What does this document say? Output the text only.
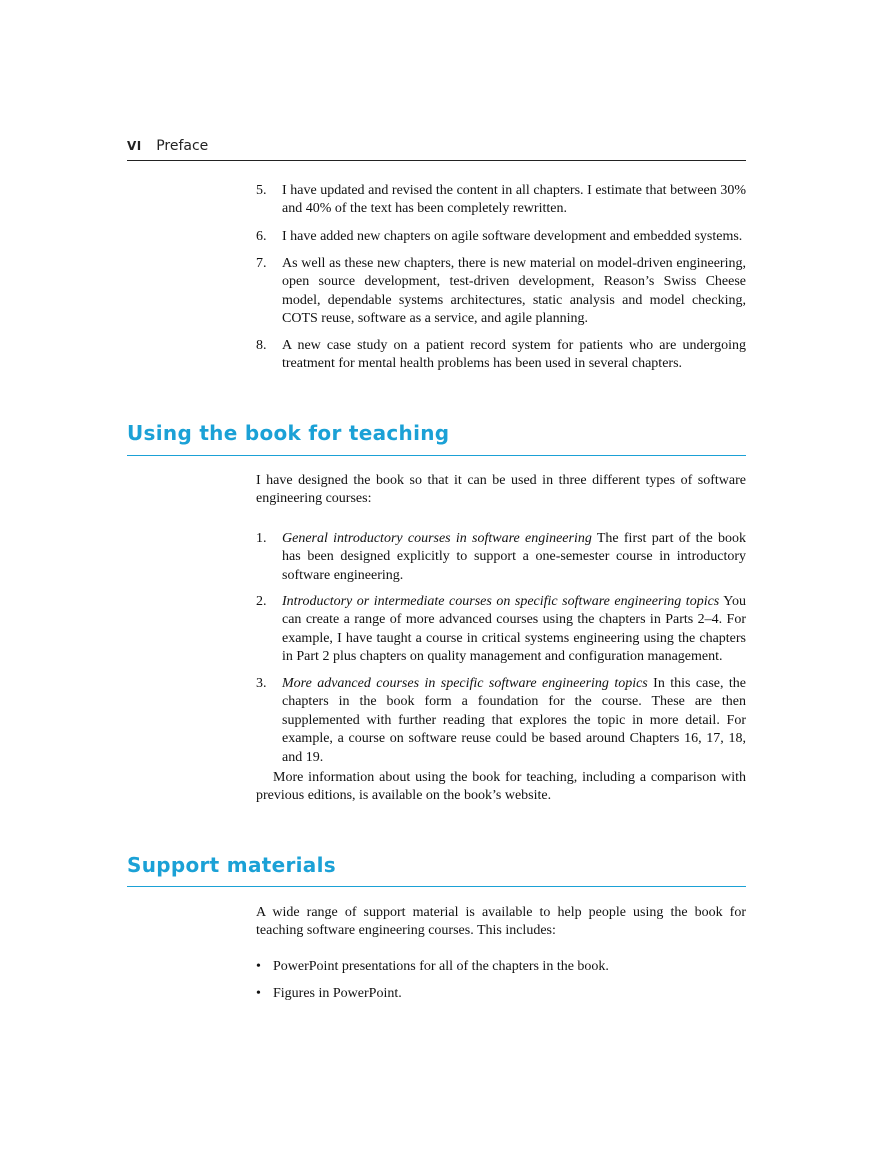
VI Preface
5. I have updated and revised the content in all chapters. I estimate that between 30% and 40% of the text has been completely rewritten.
6. I have added new chapters on agile software development and embedded systems.
7. As well as these new chapters, there is new material on model-driven engineering, open source development, test-driven development, Reason’s Swiss Cheese model, dependable systems architectures, static analysis and model checking, COTS reuse, software as a service, and agile planning.
8. A new case study on a patient record system for patients who are undergoing treatment for mental health problems has been used in several chapters.
Using the book for teaching
I have designed the book so that it can be used in three different types of software engineering courses:
1. General introductory courses in software engineering The first part of the book has been designed explicitly to support a one-semester course in introductory software engineering.
2. Introductory or intermediate courses on specific software engineering topics You can create a range of more advanced courses using the chapters in Parts 2–4. For example, I have taught a course in critical systems engineering using the chapters in Part 2 plus chapters on quality management and configuration management.
3. More advanced courses in specific software engineering topics In this case, the chapters in the book form a foundation for the course. These are then supplemented with further reading that explores the topic in more detail. For example, a course on software reuse could be based around Chapters 16, 17, 18, and 19.
More information about using the book for teaching, including a comparison with previous editions, is available on the book’s website.
Support materials
A wide range of support material is available to help people using the book for teaching software engineering courses. This includes:
• PowerPoint presentations for all of the chapters in the book.
• Figures in PowerPoint.
